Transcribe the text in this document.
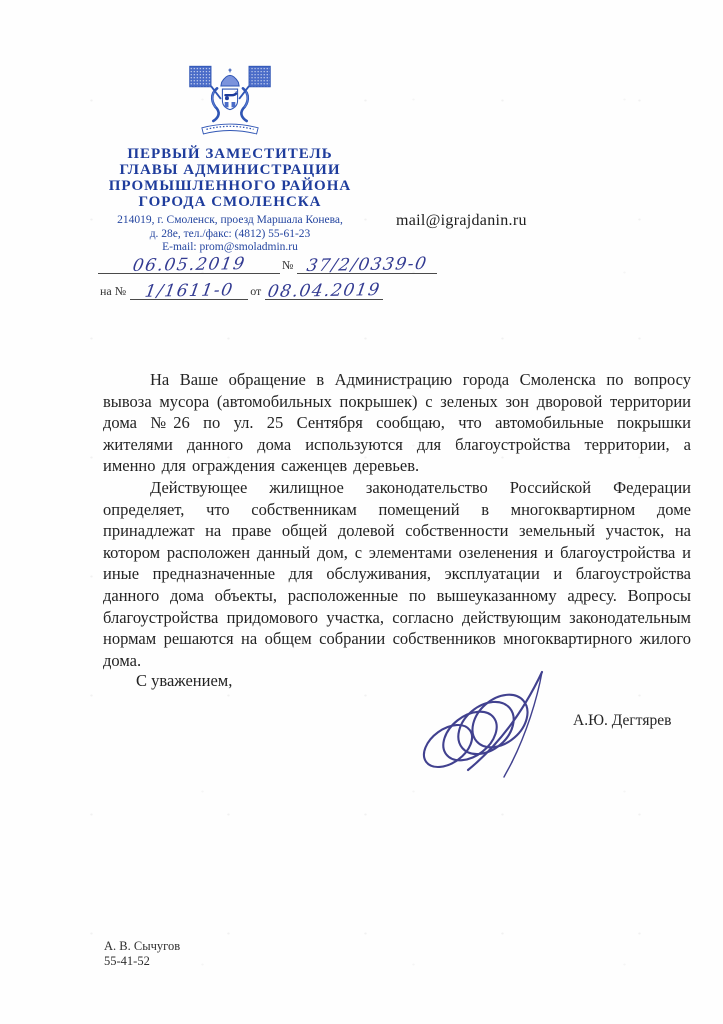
ПЕРВЫЙ ЗАМЕСТИТЕЛЬ
ГЛАВЫ АДМИНИСТРАЦИИ
ПРОМЫШЛЕННОГО РАЙОНА
ГОРОДА СМОЛЕНСКА
214019, г. Смоленск, проезд Маршала Конева,
д. 28е, тел./факс: (4812) 55-61-23
E-mail: prom@smoladmin.ru
06.05.2019	№ 37/2/0339-0
на № 1/1611-0 от 08.04.2019
mail@igrajdanin.ru

На Ваше обращение в Администрацию города Смоленска по вопросу вывоза мусора (автомобильных покрышек) с зеленых зон дворовой территории дома №26 по ул. 25 Сентября сообщаю, что автомобильные покрышки жителями данного дома используются для благоустройства территории, а именно для ограждения саженцев деревьев.

Действующее жилищное законодательство Российской Федерации определяет, что собственникам помещений в многоквартирном доме принадлежат на праве общей долевой собственности земельный участок, на котором расположен данный дом, с элементами озеленения и благоустройства и иные предназначенные для обслуживания, эксплуатации и благоустройства данного дома объекты, расположенные по вышеуказанному адресу. Вопросы благоустройства придомового участка, согласно действующим законодательным нормам решаются на общем собрании собственников многоквартирного жилого дома.

С уважением,
А.Ю. Дегтярев
А. В. Сычугов
55-41-52
